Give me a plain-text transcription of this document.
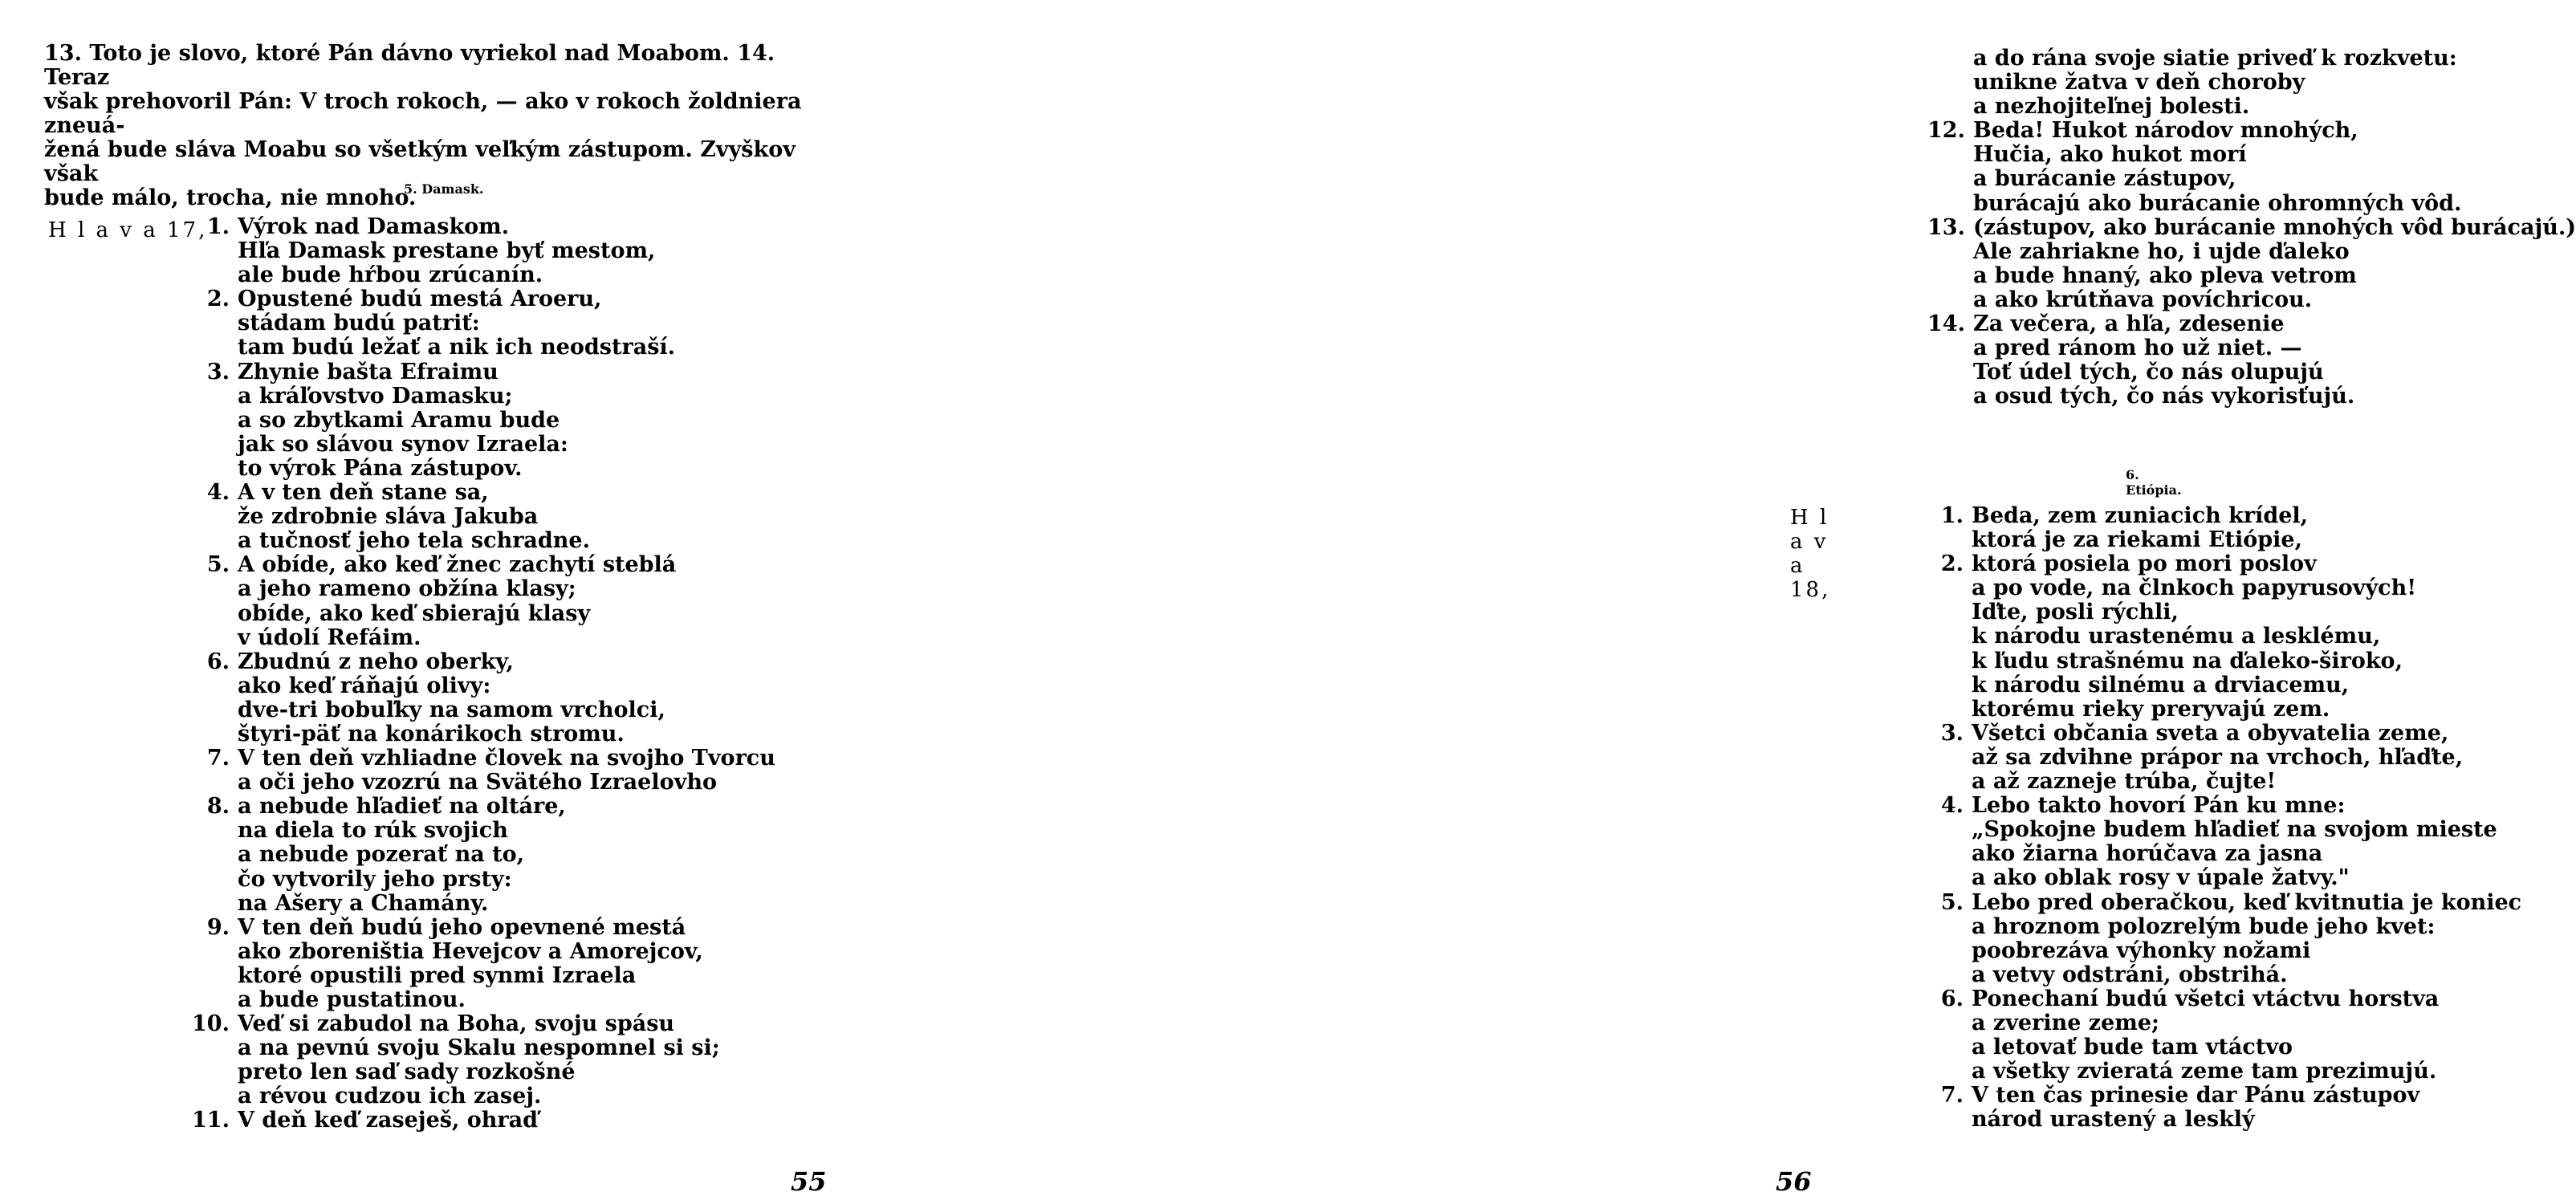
13. Toto je slovo, ktoré Pán dávno vyriekol nad Moabom. 14. Teraz

však prehovoril Pán: V troch rokoch, — ako v rokoch žoldniera zneuá-

žená bude sláva Moabu so všetkým veľkým zástupom. Zvyškov však

bude málo, trocha, nie mnoho.

5. Damask.

H l a v a 17, 1. Výrok nad Damaskom.
Hľa Damask prestane byť mestom,
ale bude hŕbou zrúcanín.
2. Opustené budú mestá Aroeru,
stádam budú patriť:
tam budú ležať a nik ich neodstraší.
3. Zhynie bašta Efraimu
a kráľovstvo Damasku;
a so zbytkami Aramu bude
jak so slávou synov Izraela:
to výrok Pána zástupov.
4. A v ten deň stane sa,
že zdrobnie sláva Jakuba
a tučnosť jeho tela schradne.
5. A obíde, ako keď žnec zachytí steblá
a jeho rameno obžína klasy;
obíde, ako keď sbierajú klasy
v údolí Refáim.
6. Zbudnú z neho oberky,
ako keď ráňajú olivy:
dve-tri bobuľky na samom vrcholci,
štyri-päť na konárikoch stromu.
7. V ten deň vzhliadne človek na svojho Tvorcu
a oči jeho vzozrú na Svätého Izraelovho
8. a nebude hľadieť na oltáre,
na diela to rúk svojich
a nebude pozerať na to,
čo vytvorily jeho prsty:
na Ašery a Chamány.
9. V ten deň budú jeho opevnené mestá
ako zboreništia Hevejcov a Amorejcov,
ktoré opustili pred synmi Izraela
a bude pustatinou.
10. Veď si zabudol na Boha, svoju spásu
a na pevnú svoju Skalu nespomnel si si;
preto len saď sady rozkošné
a révou cudzou ich zasej.
11. V deň keď zaseješ, ohraď

55

a do rána svoje siatie priveď k rozkvetu:
unikne žatva v deň choroby
a nezhojiteľnej bolesti.
12. Beda! Hukot národov mnohých,
Hučia, ako hukot morí
a burácanie zástupov,
burácajú ako burácanie ohromných vôd.
13. (zástupov, ako burácanie mnohých vôd burácajú.)
Ale zahriakne ho, i ujde ďaleko
a bude hnaný, ako pleva vetrom
a ako krútňava povíchricou.
14. Za večera, a hľa, zdesenie
a pred ránom ho už niet. —
Toť údel tých, čo nás olupujú
a osud tých, čo nás vykorisťujú.

6. Etiópia.

H l a v a 18,

1. Beda, zem zuniacich krídel,
ktorá je za riekami Etiópie,
2. ktorá posiela po mori poslov
a po vode, na člnkoch papyrusových!
Iďte, posli rýchli,
k národu urastenému a lesklému,
k ľudu strašnému na ďaleko-široko,
k národu silnému a drviacemu,
ktorému rieky preryvajú zem.
3. Všetci občania sveta a obyvatelia zeme,
až sa zdvihne prápor na vrchoch, hľaďte,
a až zaznejе trúba, čujte!
4. Lebo takto hovorí Pán ku mne:
„Spokojne budem hľadieť na svojom mieste
ako žiarna horúčava za jasna
a ako oblak rosy v úpale žatvy."
5. Lebo pred oberačkou, keď kvitnutia je koniec
a hroznom polozrelým bude jeho kvet:
poobrezáva výhonky nožami
a vetvy odstráni, obstrihá.
6. Ponechaní budú všetci vtáctvu horstva
a zverine zeme;
a letovať bude tam vtáctvo
a všetky zvieratá zeme tam prezimujú.
7. V ten čas prinesie dar Pánu zástupov
národ urastený a lesklý

56
